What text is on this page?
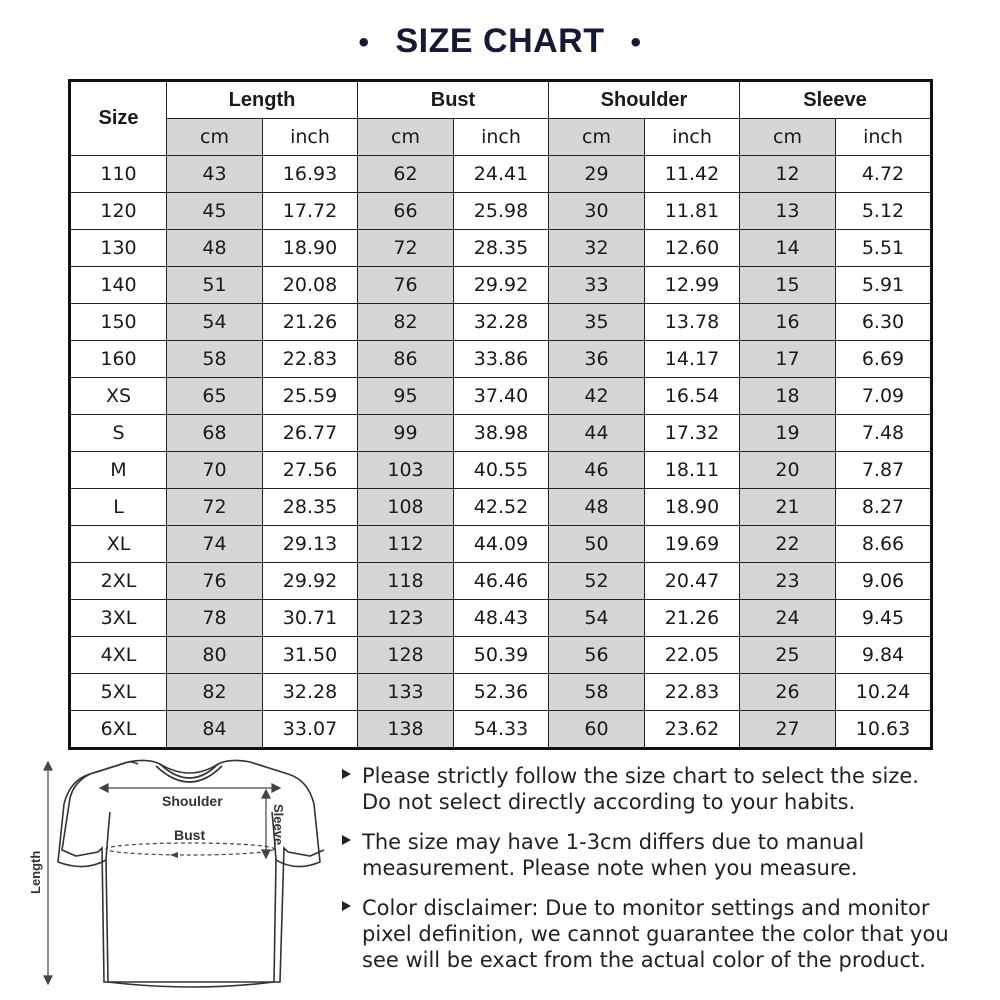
• SIZE CHART •
Size	Length		Bust		Shoulder		Sleeve	
	cm	inch	cm	inch	cm	inch	cm	inch
110	43	16.93	62	24.41	29	11.42	12	4.72
120	45	17.72	66	25.98	30	11.81	13	5.12
130	48	18.90	72	28.35	32	12.60	14	5.51
140	51	20.08	76	29.92	33	12.99	15	5.91
150	54	21.26	82	32.28	35	13.78	16	6.30
160	58	22.83	86	33.86	36	14.17	17	6.69
XS	65	25.59	95	37.40	42	16.54	18	7.09
S	68	26.77	99	38.98	44	17.32	19	7.48
M	70	27.56	103	40.55	46	18.11	20	7.87
L	72	28.35	108	42.52	48	18.90	21	8.27
XL	74	29.13	112	44.09	50	19.69	22	8.66
2XL	76	29.92	118	46.46	52	20.47	23	9.06
3XL	78	30.71	123	48.43	54	21.26	24	9.45
4XL	80	31.50	128	50.39	56	22.05	25	9.84
5XL	82	32.28	133	52.36	58	22.83	26	10.24
6XL	84	33.07	138	54.33	60	23.62	27	10.63
Shoulder
Bust	Sleeve
Length
Please strictly follow the size chart to select the size.
Do not select directly according to your habits.
The size may have 1-3cm differs due to manual
measurement. Please note when you measure.
Color disclaimer: Due to monitor settings and monitor
pixel definition, we cannot guarantee the color that you
see will be exact from the actual color of the product.
